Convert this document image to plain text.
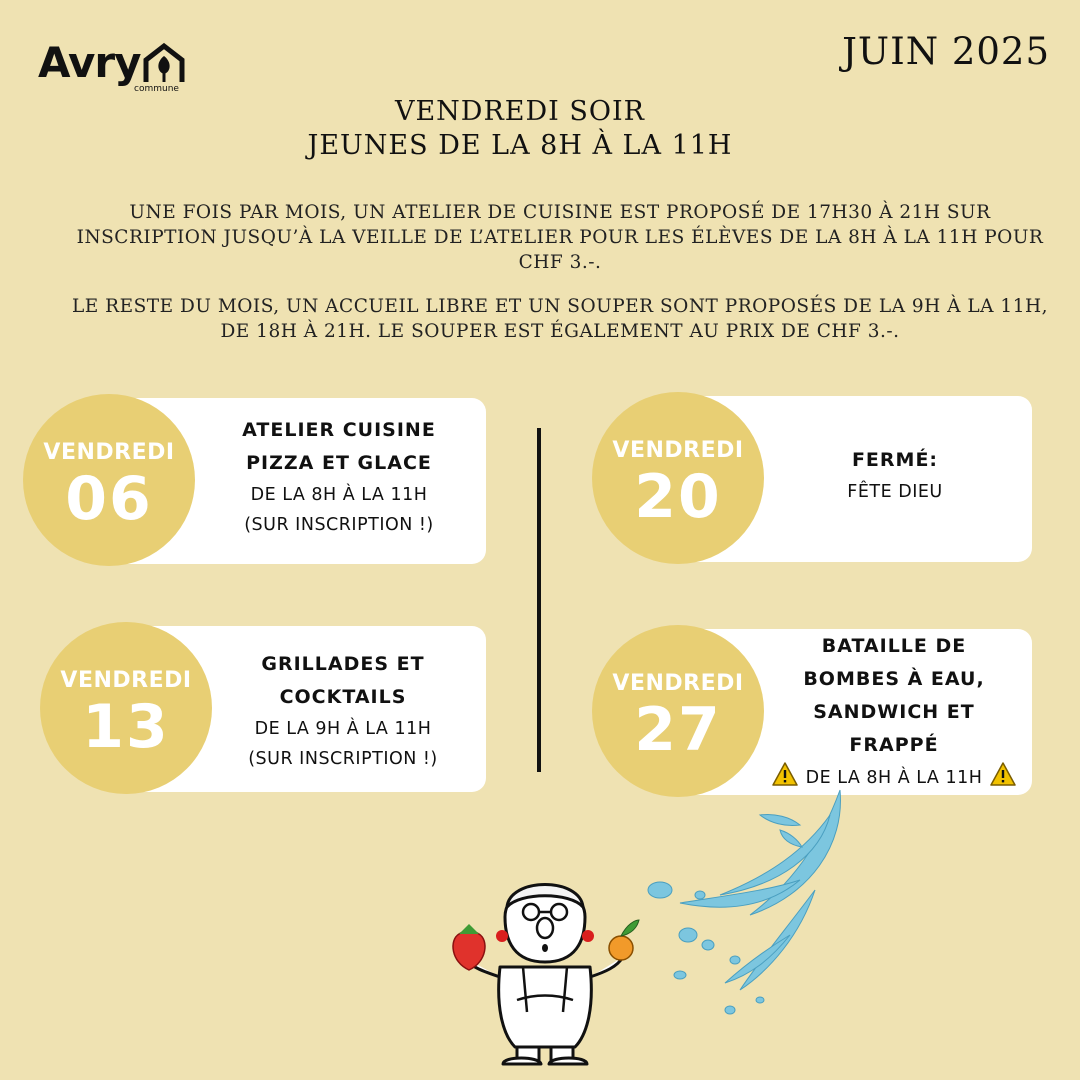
Avry
commune
JUIN 2025
VENDREDI SOIR
JEUNES DE LA 8H À LA 11H
UNE FOIS PAR MOIS, UN ATELIER DE CUISINE EST PROPOSÉ DE 17H30 À 21H SUR INSCRIPTION JUSQU’À LA VEILLE DE L’ATELIER POUR LES ÉLÈVES DE LA 8H À LA 11H POUR CHF 3.-.
LE RESTE DU MOIS, UN ACCUEIL LIBRE ET UN SOUPER SONT PROPOSÉS DE LA 9H À LA 11H, DE 18H À 21H. LE SOUPER EST ÉGALEMENT AU PRIX DE CHF 3.-.
VENDREDI
06
ATELIER CUISINE
PIZZA ET GLACE
DE LA 8H À LA 11H
(SUR INSCRIPTION !)
VENDREDI
13
GRILLADES ET
COCKTAILS
DE LA 9H À LA 11H
(SUR INSCRIPTION !)
VENDREDI
20
FERMÉ:
FÊTE DIEU
VENDREDI
27
BATAILLE DE
BOMBES À EAU,
SANDWICH ET
FRAPPÉ
DE LA 8H À LA 11H
